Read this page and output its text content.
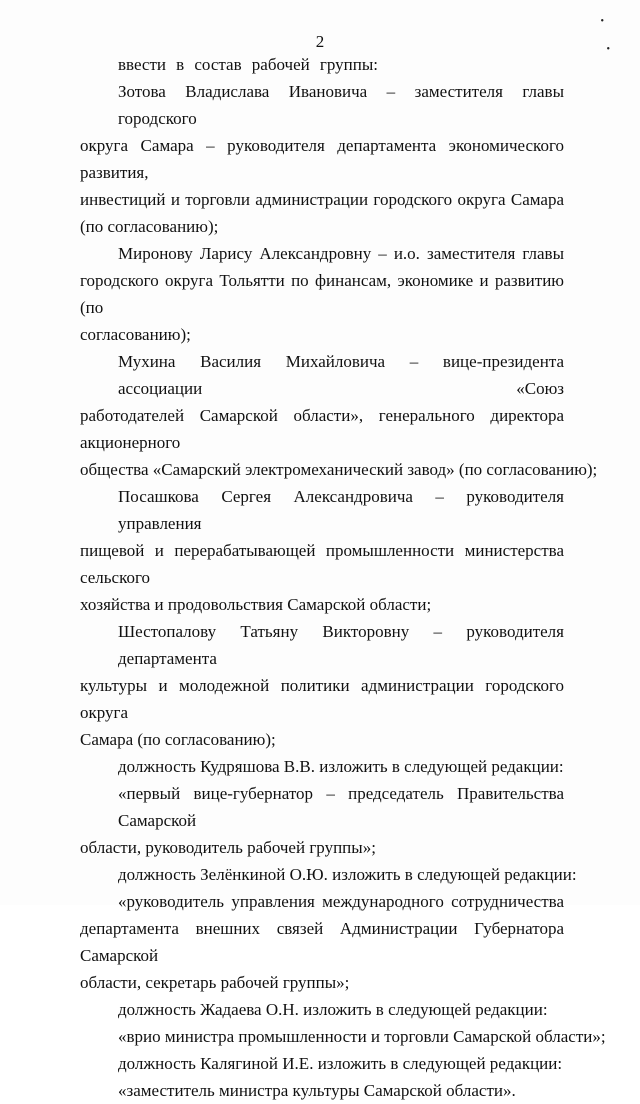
•
•
2
ввести в состав рабочей группы:
Зотова Владислава Ивановича – заместителя главы городского
округа Самара – руководителя департамента экономического развития,
инвестиций и торговли администрации городского округа Самара
(по согласованию);
Миронову Ларису Александровну – и.о. заместителя главы
городского округа Тольятти по финансам, экономике и развитию (по
согласованию);
Мухина Василия Михайловича – вице-президента ассоциации «Союз
работодателей Самарской области», генерального директора акционерного
общества «Самарский электромеханический завод» (по согласованию);
Посашкова Сергея Александровича – руководителя управления
пищевой и перерабатывающей промышленности министерства сельского
хозяйства и продовольствия Самарской области;
Шестопалову Татьяну Викторовну – руководителя департамента
культуры и молодежной политики администрации городского округа
Самара (по согласованию);
должность Кудряшова В.В. изложить в следующей редакции:
«первый вице-губернатор – председатель Правительства Самарской
области, руководитель рабочей группы»;
должность Зелёнкиной О.Ю. изложить в следующей редакции:
«руководитель управления международного сотрудничества
департамента внешних связей Администрации Губернатора Самарской
области, секретарь рабочей группы»;
должность Жадаева О.Н. изложить в следующей редакции:
«врио министра промышленности и торговли Самарской области»;
должность Калягиной И.Е. изложить в следующей редакции:
«заместитель министра культуры Самарской области».
